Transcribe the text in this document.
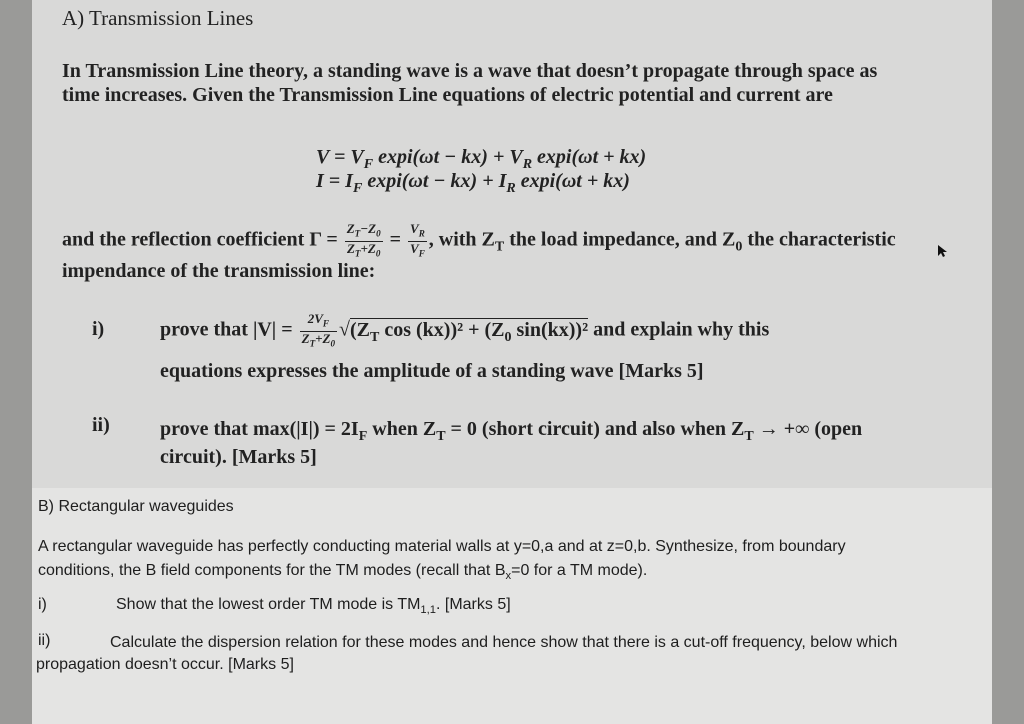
A) Transmission Lines
In Transmission Line theory, a standing wave is a wave that doesn’t propagate through space as
time increases. Given the Transmission Line equations of electric potential and current are
$V = V_F$ $\exp i(\omega t - kx) + V_R$ expi(ωt + kx)
$I = I_F$ $\exp i(\omega t - kx) + I_R$ expi(ωt + kx)
and the reflection coefficient $\Gamma = \frac{Z_T-Z_0}{Z_T+Z_0} = \frac{V_R}{V_F}$ , with $Z_T$ the load impedance, and $Z_0$ the characteristic
impendance of the transmission line:
i)	prove that $|V| = \frac{2V_F}{Z_T+Z_0} √(Z_T$ $\cos (kx))^2 + (Z_0$ sin(kx))² and explain why this
equations expresses the amplitude of a standing wave [Marks 5]
ii)	prove that $\max(|I|) = 2I_F$ when $Z_T = 0$ (short circuit) and also when $Z_T$ → +∞ (open
circuit). [Marks 5]
B) Rectangular waveguides
A rectangular waveguide has perfectly conducting material walls at y=0,a and at z=0,b. Synthesize, from boundary
conditions, the B field components for the TM modes (recall that $B_x=0$ for a TM mode).
i)	Show that the lowest order TM mode is $TM_{1,1}$. [Marks 5]
ii)	Calculate the dispersion relation for these modes and hence show that there is a cut-off frequency, below which
propagation doesn’t occur. [Marks 5]
